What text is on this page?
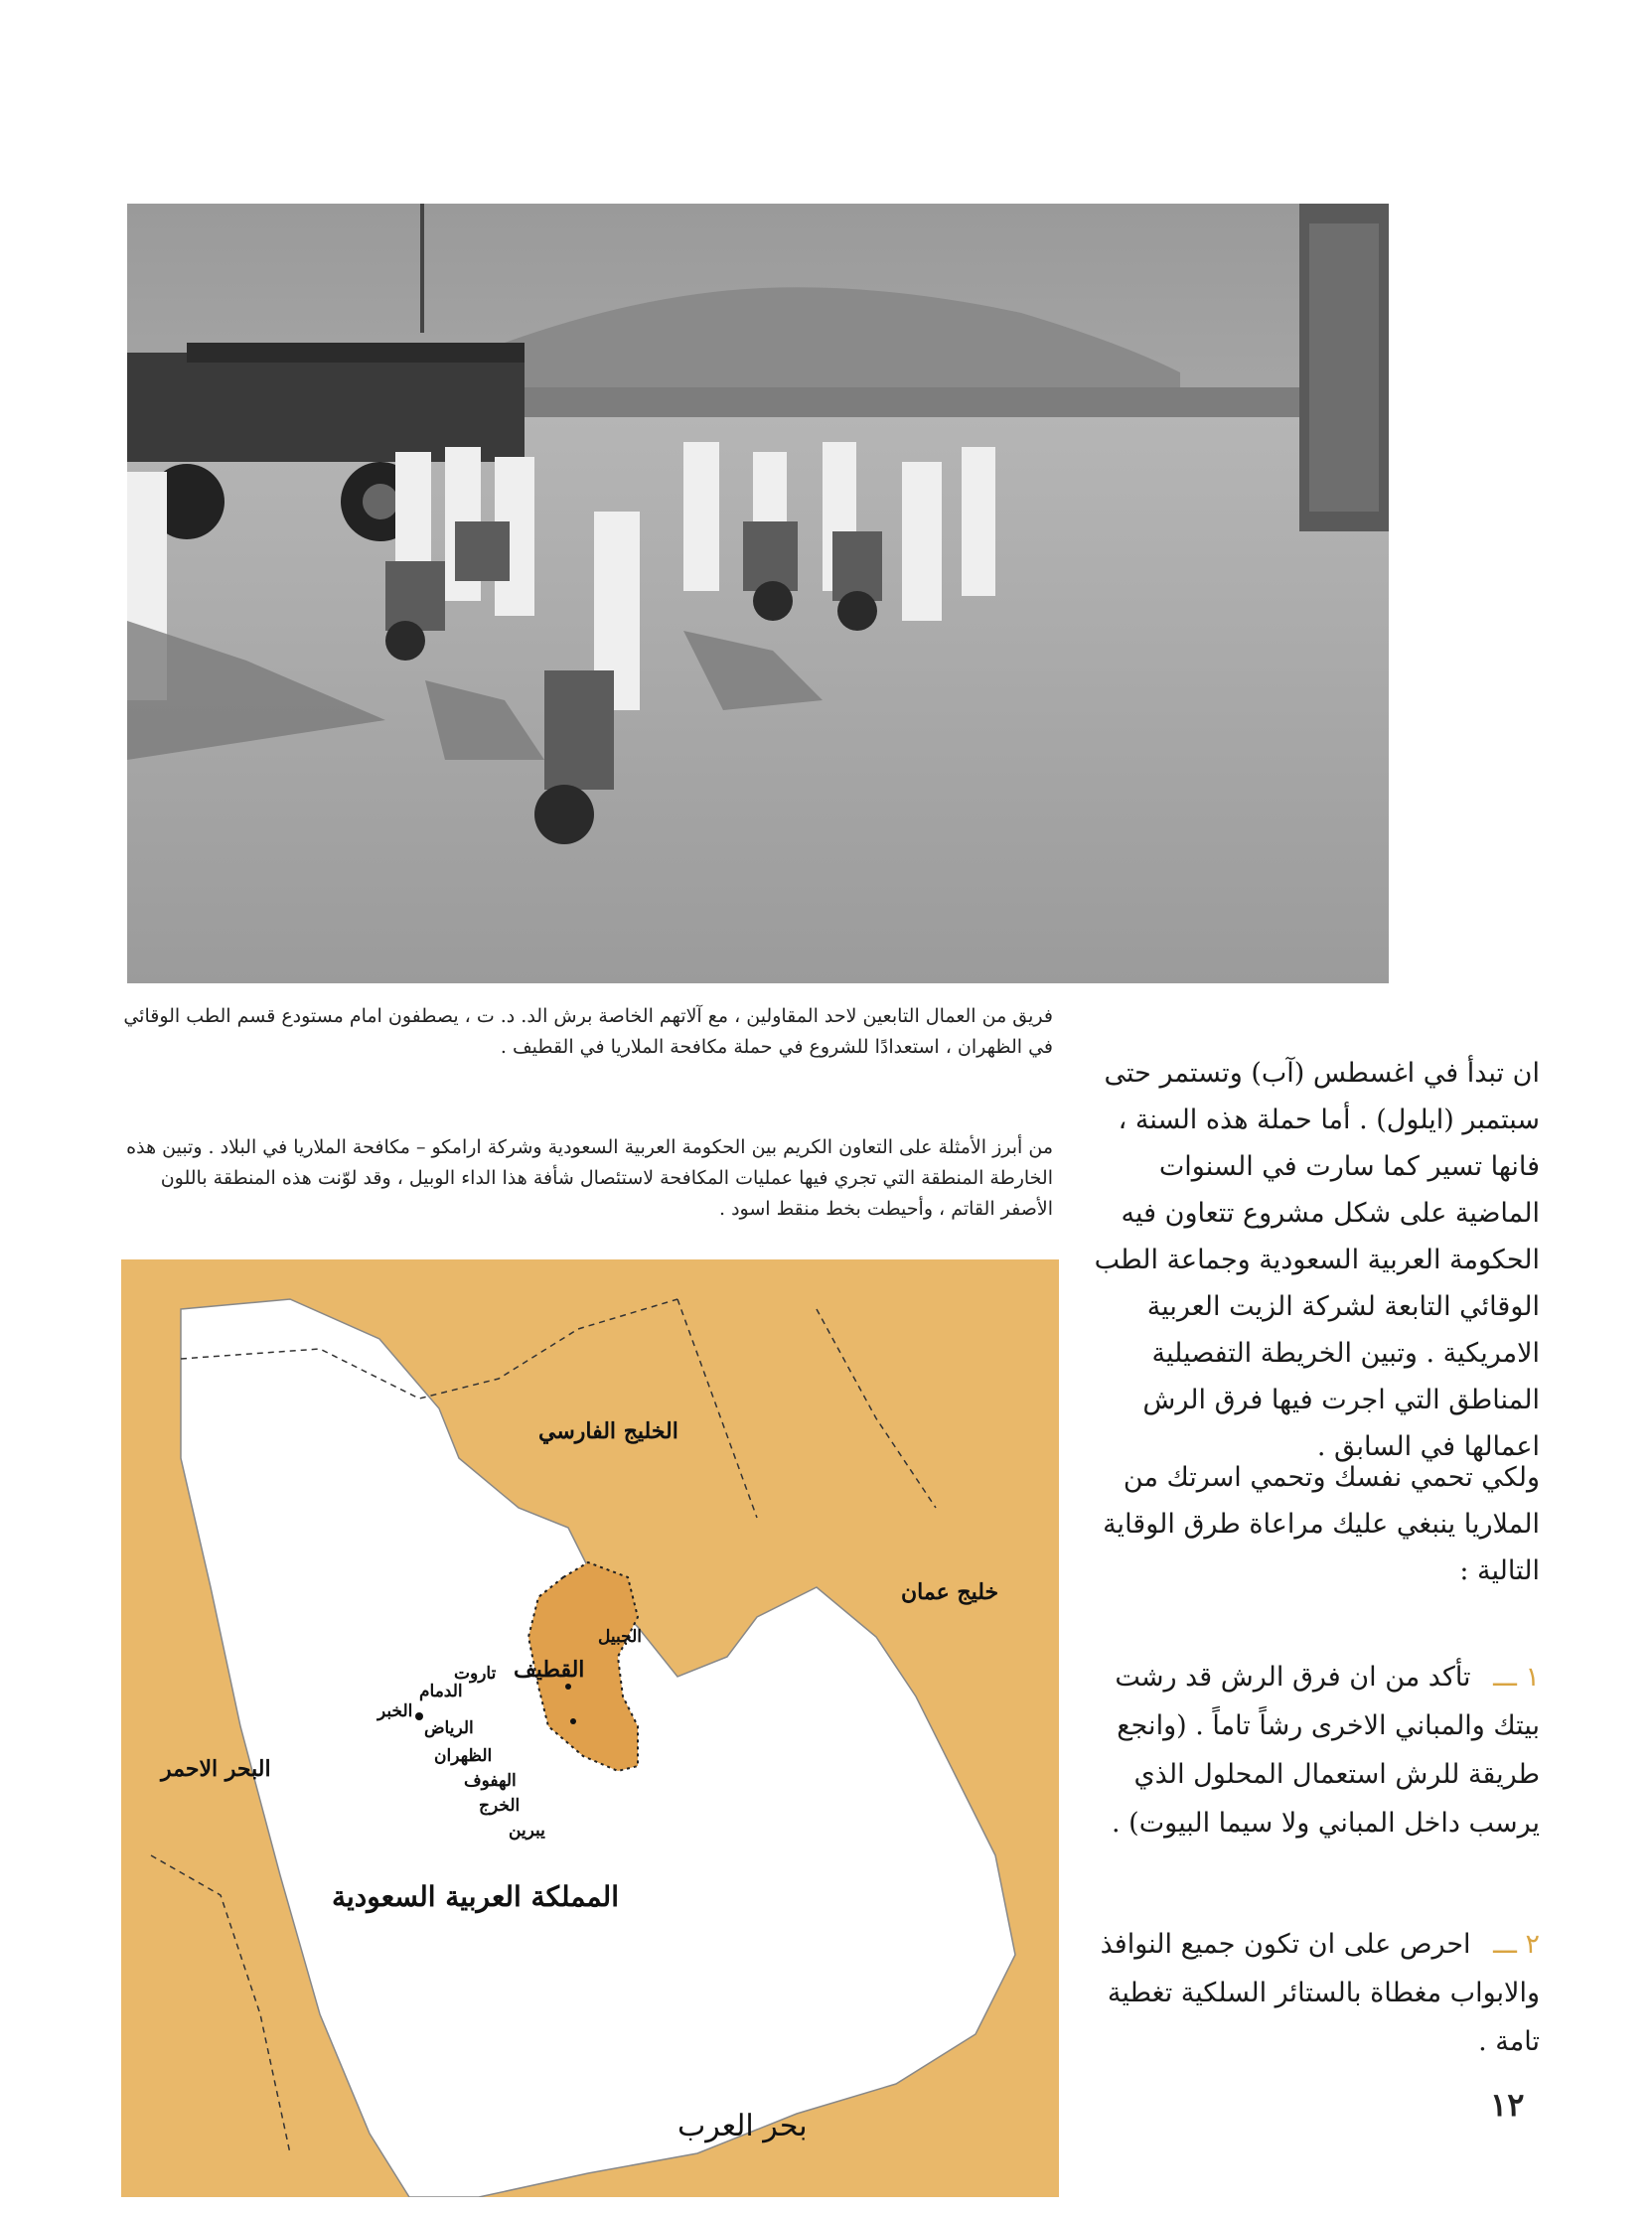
فريق من العمال التابعين لاحد المقاولين ، مع آلاتهم الخاصة برش الد. د. ت ، يصطفون امام مستودع قسم الطب الوقائي في الظهران ، استعدادًا للشروع في حملة مكافحة الملاريا في القطيف .
من أبرز الأمثلة على التعاون الكريم بين الحكومة العربية السعودية وشركة ارامكو – مكافحة الملاريا في البلاد . وتبين هذه الخارطة المنطقة التي تجري فيها عمليات المكافحة لاستئصال شأفة هذا الداء الوبيل ، وقد لوّنت هذه المنطقة باللون الأصفر القاتم ، وأحيطت بخط منقط اسود .
القطيف
الرياض
تاروت
الدمام
الخبر
الظهران
الهفوف
الخرج
يبرين
الجبيل
المملكة العربية السعودية
الخليج الفارسي
خليج عمان
بحر العرب
البحر الاحمر
ان تبدأ في اغسطس (آب) وتستمر حتى سبتمبر (ايلول) . أما حملة هذه السنة ، فانها تسير كما سارت في السنوات الماضية على شكل مشروع تتعاون فيه الحكومة العربية السعودية وجماعة الطب الوقائي التابعة لشركة الزيت العربية الامريكية . وتبين الخريطة التفصيلية المناطق التي اجرت فيها فرق الرش اعمالها في السابق .
ولكي تحمي نفسك وتحمي اسرتك من الملاريا ينبغي عليك مراعاة طرق الوقاية التالية :
١ ـــ تأكد من ان فرق الرش قد رشت بيتك والمباني الاخرى رشاً تاماً . (وانجع طريقة للرش استعمال المحلول الذي يرسب داخل المباني ولا سيما البيوت) .
٢ ـــ احرص على ان تكون جميع النوافذ والابواب مغطاة بالستائر السلكية تغطية تامة .
١٢
